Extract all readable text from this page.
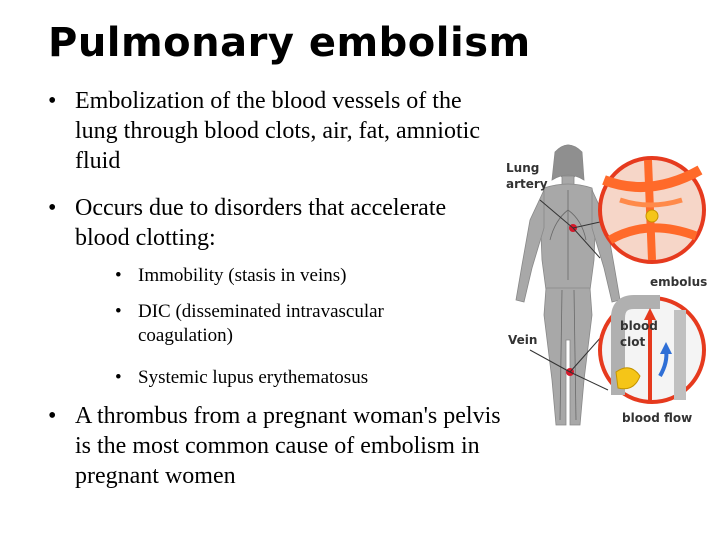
Pulmonary embolism
• Embolization of the blood vessels of the lung through blood clots, air, fat, amniotic fluid
• Occurs due to disorders that accelerate blood clotting:
• Immobility (stasis in veins)
• DIC (disseminated intravascular coagulation)
• Systemic lupus erythematosus
• A thrombus from a pregnant woman's pelvis is the most common cause of embolism in pregnant women
Lung
artery
embolus
Vein
blood
clot
blood flow
